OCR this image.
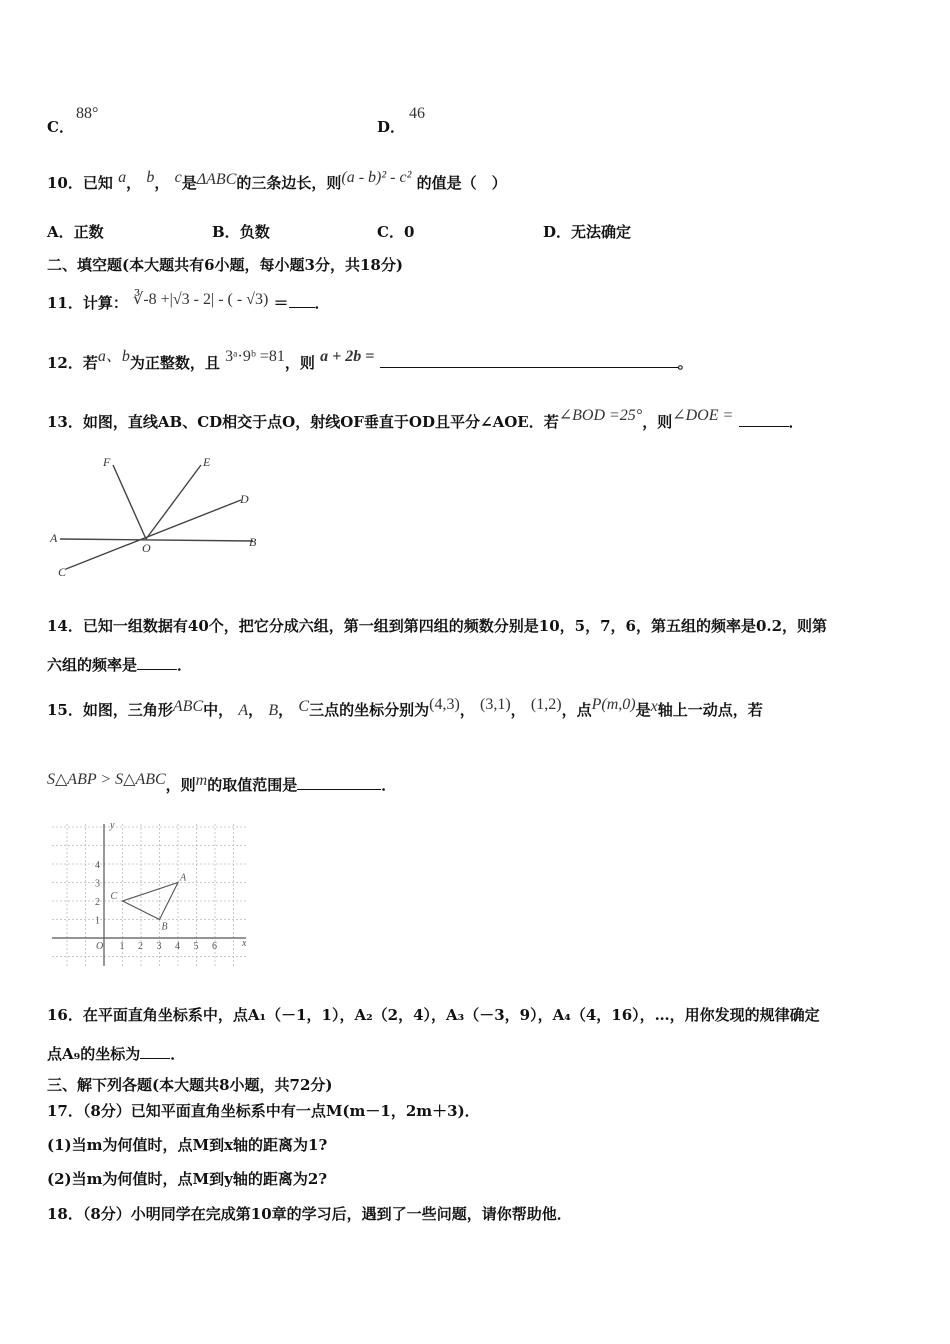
C．
88°
D．
46
10．已知 a， b， c是ΔABC的三条边长，则(a - b)² - c² 的值是（　）
A．正数	B．负数	C．0	D．无法确定
二、填空题(本大题共有6小题，每小题3分，共18分)
11．计算： ∛-8 +|√3 - 2| - ( - √3) ＝ ．
12．若a、b为正整数，且 3ᵃ·9ᵇ =81，则 a + 2b =	。
13．如图，直线AB、CD相交于点O，射线OF垂直于OD且平分∠AOE．若∠BOD =25°，则∠DOE =	．
F	E
D
A
O	B
C
14．已知一组数据有40个，把它分成六组，第一组到第四组的频数分别是10，5，7，6，第五组的频率是0.2，则第
六组的频率是	．
15．如图，三角形ABC中， A， B， C三点的坐标分别为(4,3)， (3,1)， (1,2)，点P(m,0)是x轴上一动点，若
S△ABP > S△ABC，则m的取值范围是	．
x
y
O 1 2 3 4 5 6
1
2
3
4
A
B
C
16．在平面直角坐标系中，点A₁（－1，1），A₂（2，4），A₃（－3，9），A₄（4，16），…，用你发现的规律确定
点A₉的坐标为 ．
三、解下列各题(本大题共8小题，共72分)
17．（8分）已知平面直角坐标系中有一点M(m－1，2m＋3)．
(1)当m为何值时，点M到x轴的距离为1?
(2)当m为何值时，点M到y轴的距离为2?
18．（8分）小明同学在完成第10章的学习后，遇到了一些问题，请你帮助他．
